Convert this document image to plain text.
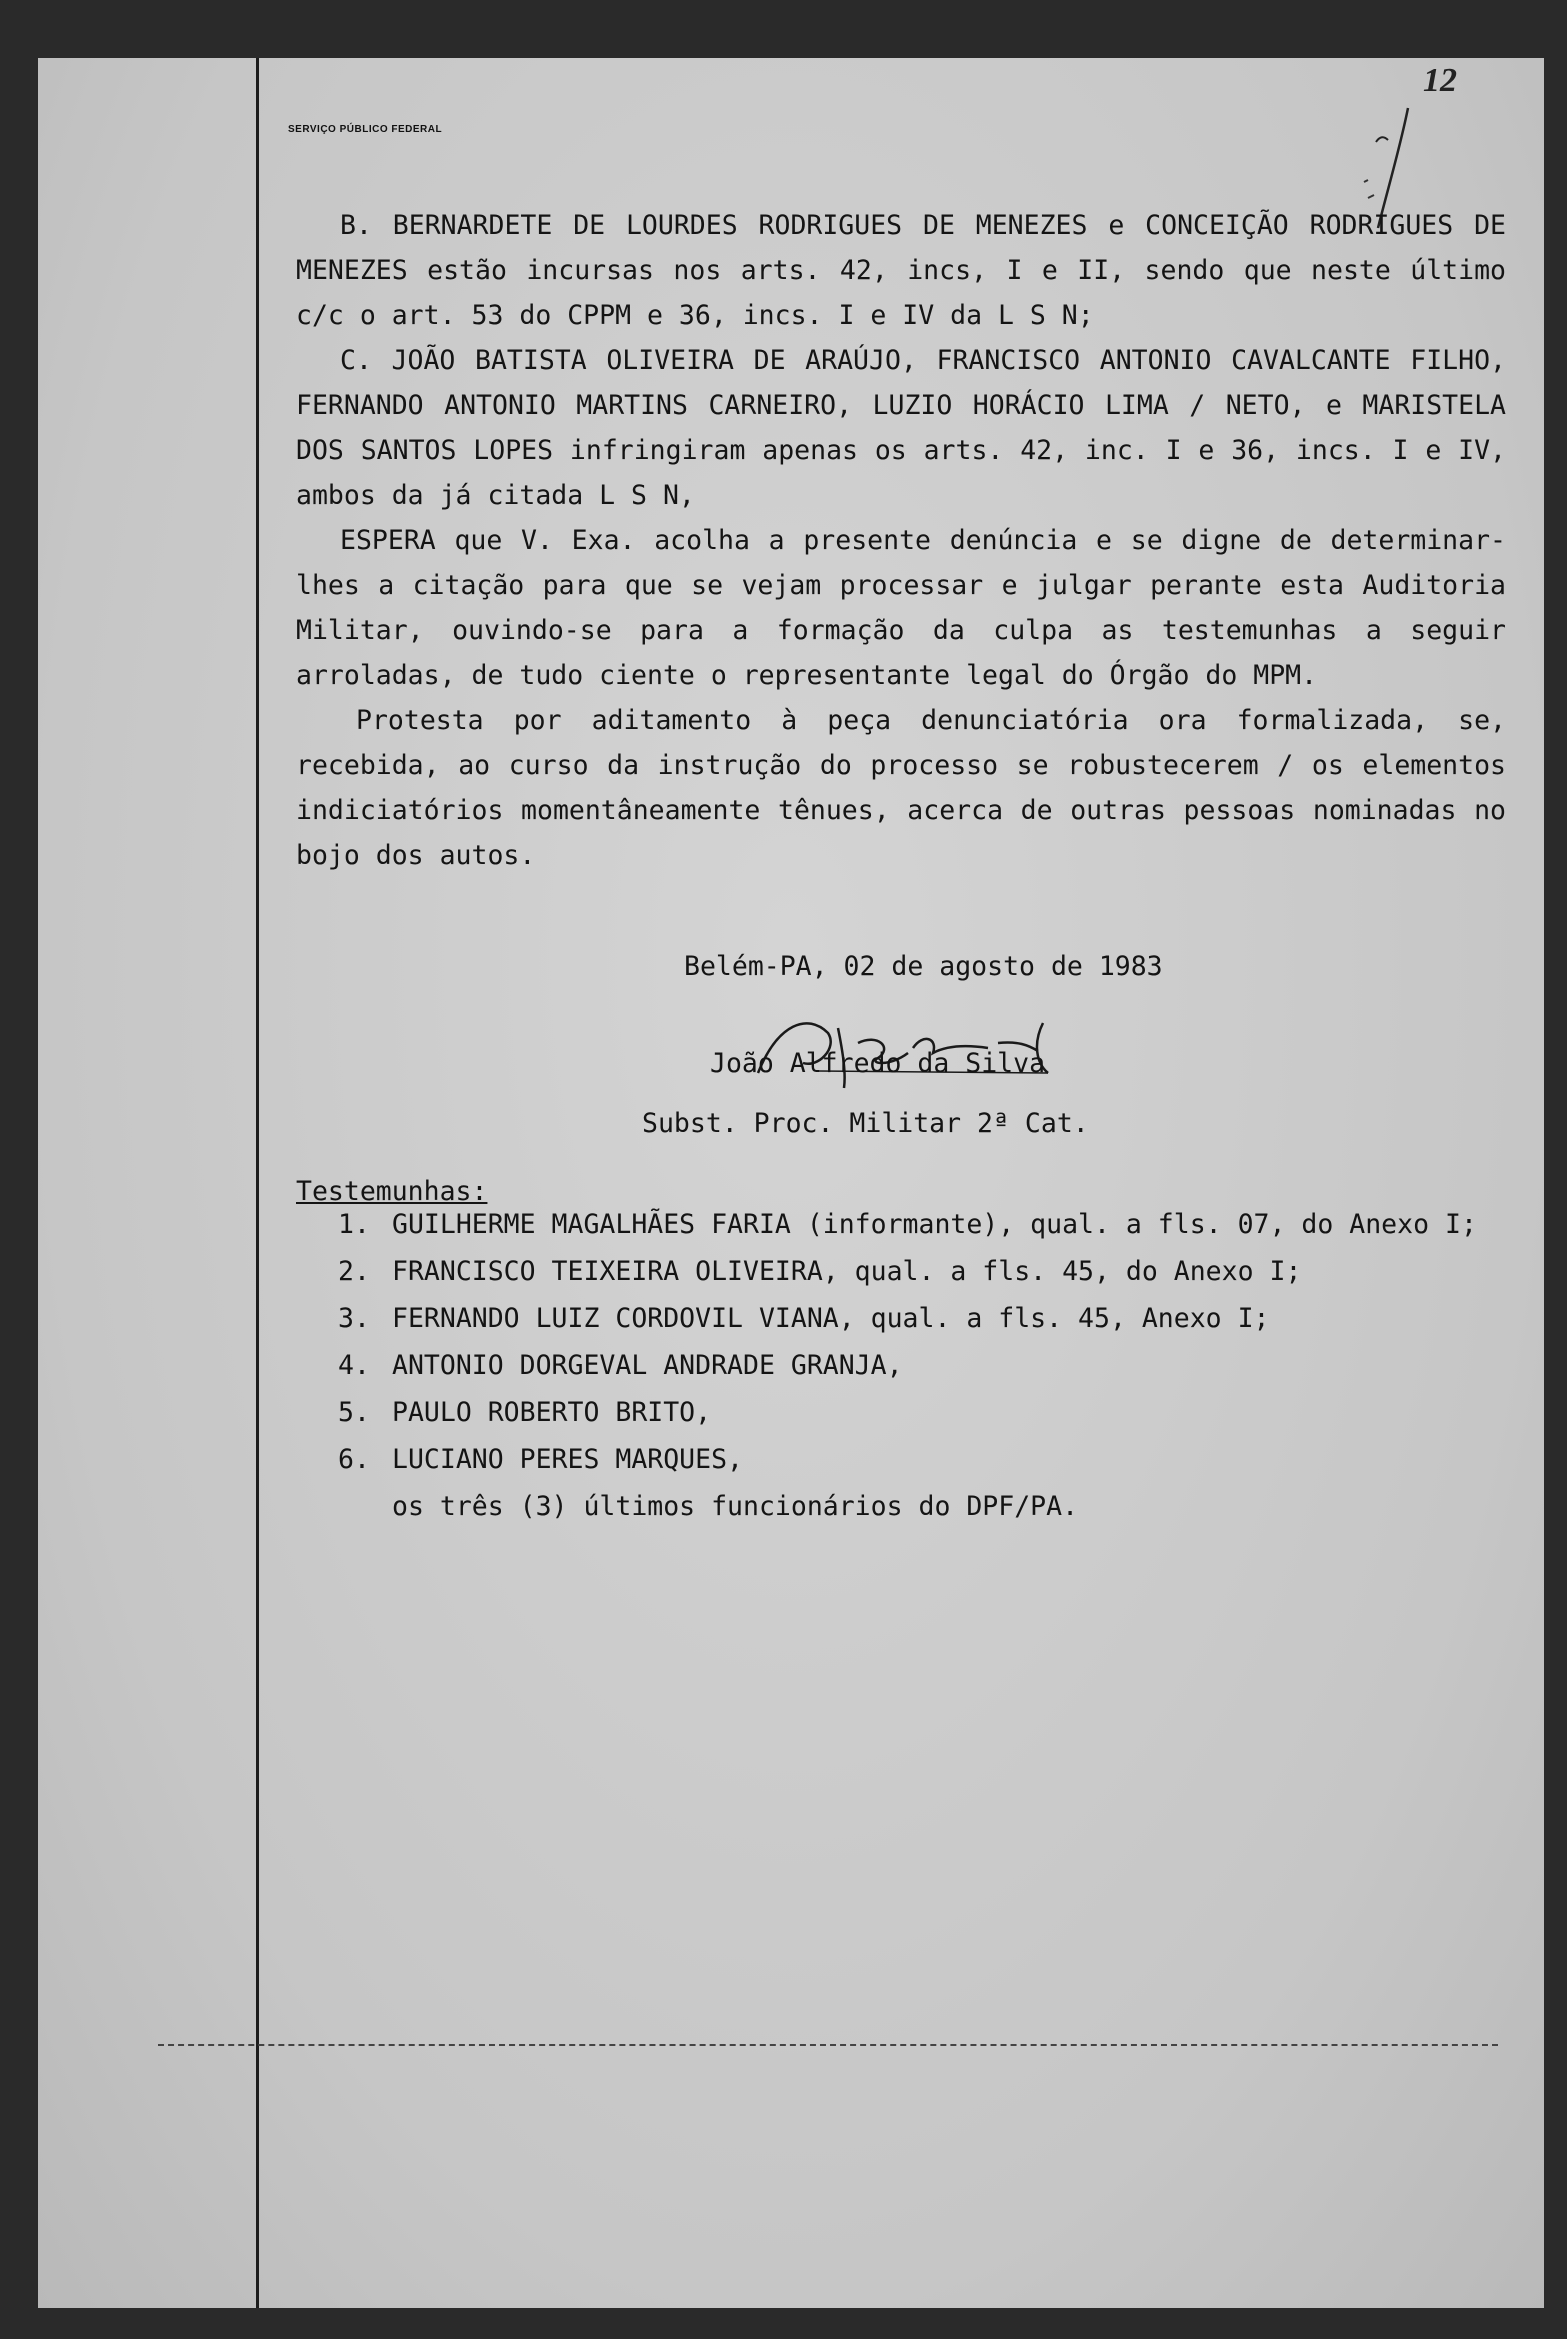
SERVIÇO PÚBLICO FEDERAL
12

B. BERNARDETE DE LOURDES RODRIGUES DE MENEZES e CONCEIÇÃO RODRIGUES DE MENEZES estão incursas nos arts. 42, incs, I e II, sendo que neste último c/c o art. 53 do CPPM e 36, incs. I e IV da L S N;

C. JOÃO BATISTA OLIVEIRA DE ARAÚJO, FRANCISCO ANTONIO CAVALCANTE FILHO, FERNANDO ANTONIO MARTINS CARNEIRO, LUZIO HORÁCIO LIMA / NETO, e MARISTELA DOS SANTOS LOPES infringiram apenas os arts. 42, inc. I e 36, incs. I e IV, ambos da já citada L S N,

ESPERA que V. Exa. acolha a presente denúncia e se digne de determinar-lhes a citação para que se vejam processar e julgar perante esta Auditoria Militar, ouvindo-se para a formação da culpa as testemunhas a seguir arroladas, de tudo ciente o representante legal do Órgão do MPM.

Protesta por aditamento à peça denunciatória ora formalizada, se, recebida, ao curso da instrução do processo se robustecerem / os elementos indiciatórios momentâneamente tênues, acerca de outras pessoas nominadas no bojo dos autos.

Belém-PA, 02 de agosto de 1983
João Alfredo da Silva
Subst. Proc. Militar 2ª Cat.
Testemunhas:
1. GUILHERME MAGALHÃES FARIA (informante), qual. a fls. 07, do Anexo I;
2. FRANCISCO TEIXEIRA OLIVEIRA, qual. a fls. 45, do Anexo I;
3. FERNANDO LUIZ CORDOVIL VIANA, qual. a fls. 45, Anexo I;
4. ANTONIO DORGEVAL ANDRADE GRANJA,
5. PAULO ROBERTO BRITO,
6. LUCIANO PERES MARQUES,
os três (3) últimos funcionários do DPF/PA.
